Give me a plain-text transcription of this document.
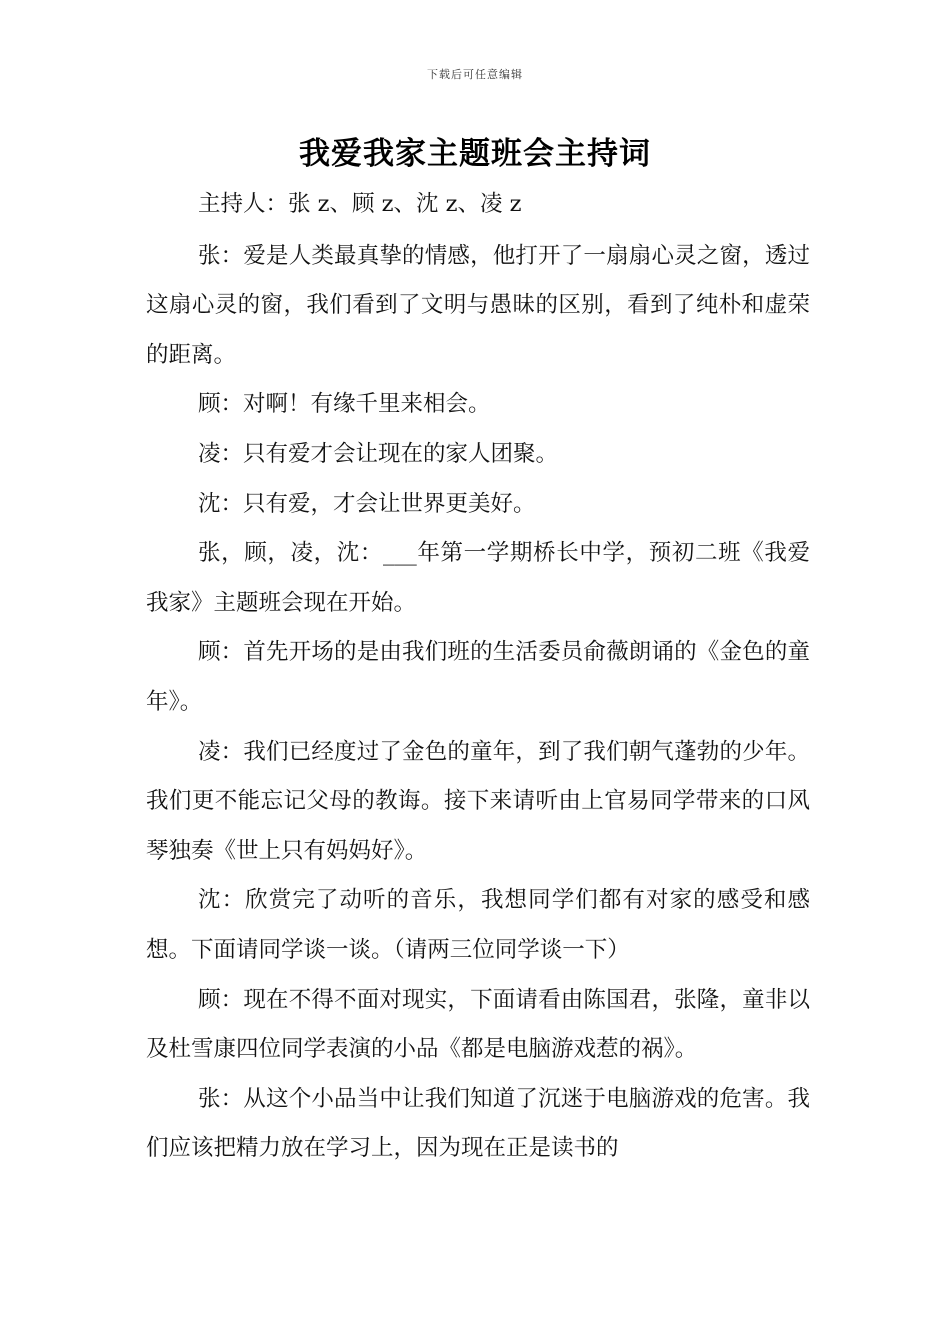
下载后可任意编辑
我爱我家主题班会主持词

主持人：张 z、顾 z、沈 z、凌 z

张：爱是人类最真挚的情感，他打开了一扇扇心灵之窗，透过这扇心灵的窗，我们看到了文明与愚昧的区别，看到了纯朴和虚荣的距离。

顾：对啊！有缘千里来相会。

凌：只有爱才会让现在的家人团聚。

沈：只有爱，才会让世界更美好。

张，顾，凌，沈：___年第一学期桥长中学，预初二班《我爱我家》主题班会现在开始。

顾：首先开场的是由我们班的生活委员俞薇朗诵的《金色的童年》。

凌：我们已经度过了金色的童年，到了我们朝气蓬勃的少年。我们更不能忘记父母的教诲。接下来请听由上官易同学带来的口风琴独奏《世上只有妈妈好》。

沈：欣赏完了动听的音乐，我想同学们都有对家的感受和感想。下面请同学谈一谈。（请两三位同学谈一下）

顾：现在不得不面对现实，下面请看由陈国君，张隆，童非以及杜雪康四位同学表演的小品《都是电脑游戏惹的祸》。

张：从这个小品当中让我们知道了沉迷于电脑游戏的危害。我们应该把精力放在学习上，因为现在正是读书的
